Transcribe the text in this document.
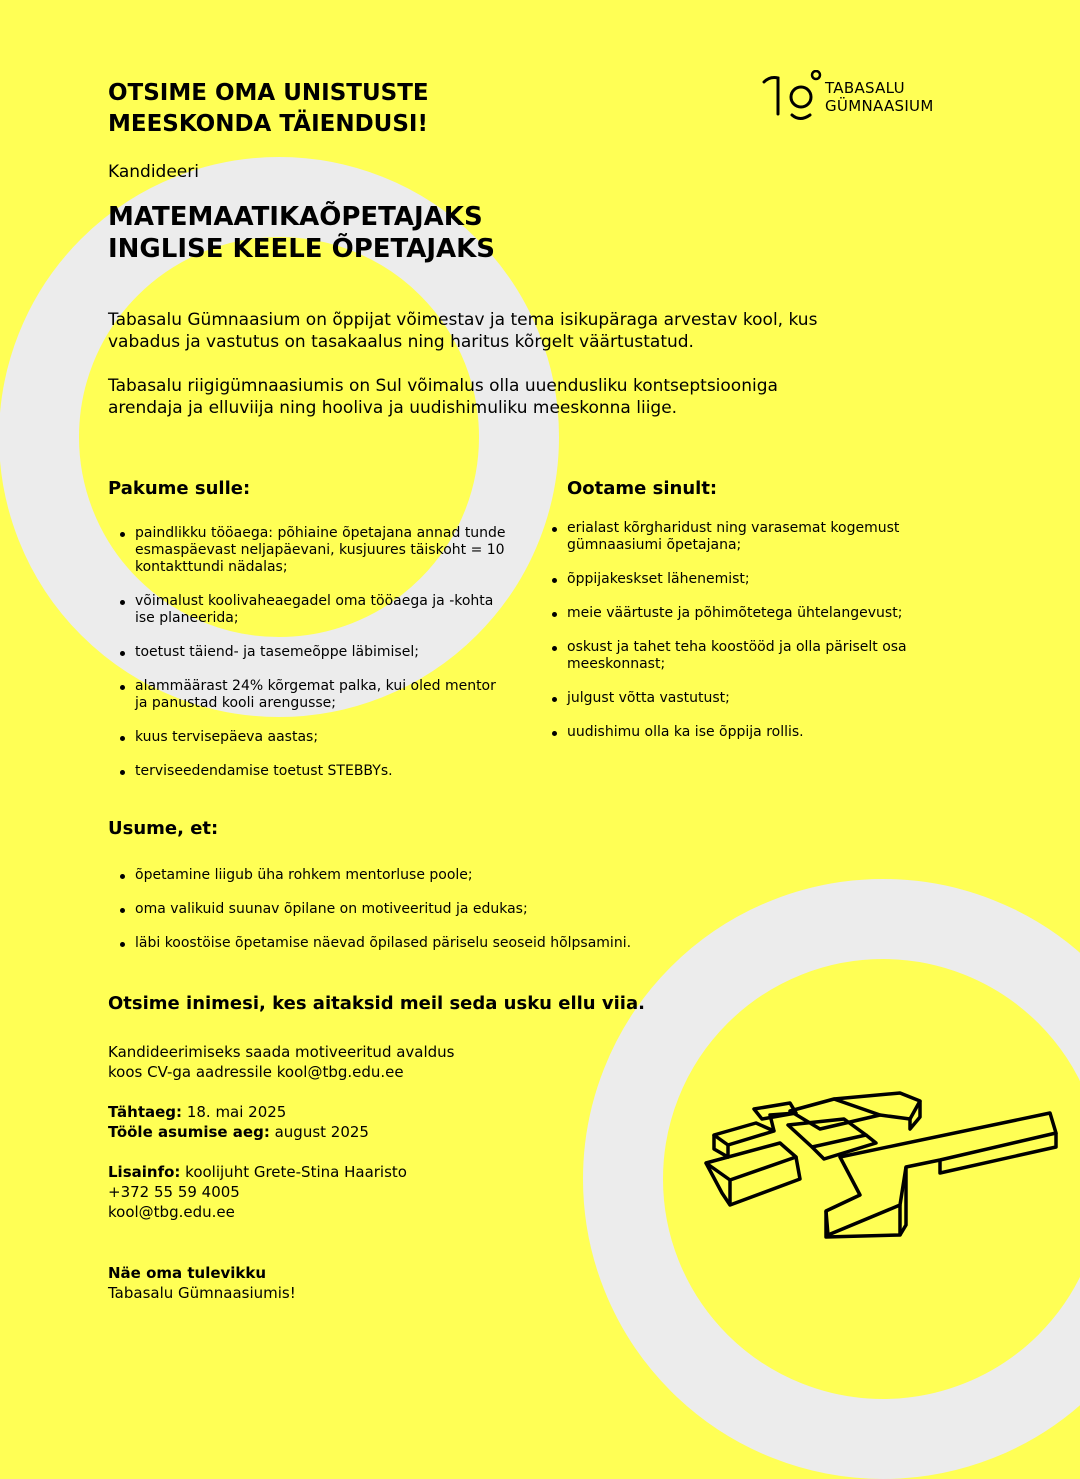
OTSIME OMA UNISTUSTE
MEESKONDA TÄIENDUSI!
TABASALU
GÜMNAASIUM
Kandideeri
MATEMAATIKAÕPETAJAKS
INGLISE KEELE ÕPETAJAKS

Tabasalu Gümnaasium on õppijat võimestav ja tema isikupäraga arvestav kool, kus vabadus ja vastutus on tasakaalus ning haritus kõrgelt väärtustatud.

Tabasalu riigigümnaasiumis on Sul võimalus olla uuendusliku kontseptsiooniga arendaja ja elluviija ning hooliva ja uudishimuliku meeskonna liige.

Pakume sulle:
paindlikku tööaega: põhiaine õpetajana annad tunde esmaspäevast neljapäevani, kusjuures täiskoht = 10 kontakttundi nädalas;
võimalust koolivaheaegadel oma tööaega ja -kohta ise planeerida;
toetust täiend- ja tasemeõppe läbimisel;
alammäärast 24% kõrgemat palka, kui oled mentor ja panustad kooli arengusse;
kuus tervisepäeva aastas;
terviseedendamise toetust STEBBYs.
Ootame sinult:
erialast kõrgharidust ning varasemat kogemust gümnaasiumi õpetajana;
õppijakeskset lähenemist;
meie väärtuste ja põhimõtetega ühtelangevust;
oskust ja tahet teha koostööd ja olla päriselt osa meeskonnast;
julgust võtta vastutust;
uudishimu olla ka ise õppija rollis.
Usume, et:
õpetamine liigub üha rohkem mentorluse poole;
oma valikuid suunav õpilane on motiveeritud ja edukas;
läbi koostöise õpetamise näevad õpilased päriselu seoseid hõlpsamini.
Otsime inimesi, kes aitaksid meil seda usku ellu viia.

Kandideerimiseks saada motiveeritud avaldus
koos CV-ga aadressile kool@tbg.edu.ee

Tähtaeg: 18. mai 2025
Tööle asumise aeg: august 2025

Lisainfo: koolijuht Grete-Stina Haaristo
+372 55 59 4005
kool@tbg.edu.ee

Näe oma tulevikku
Tabasalu Gümnaasiumis!
